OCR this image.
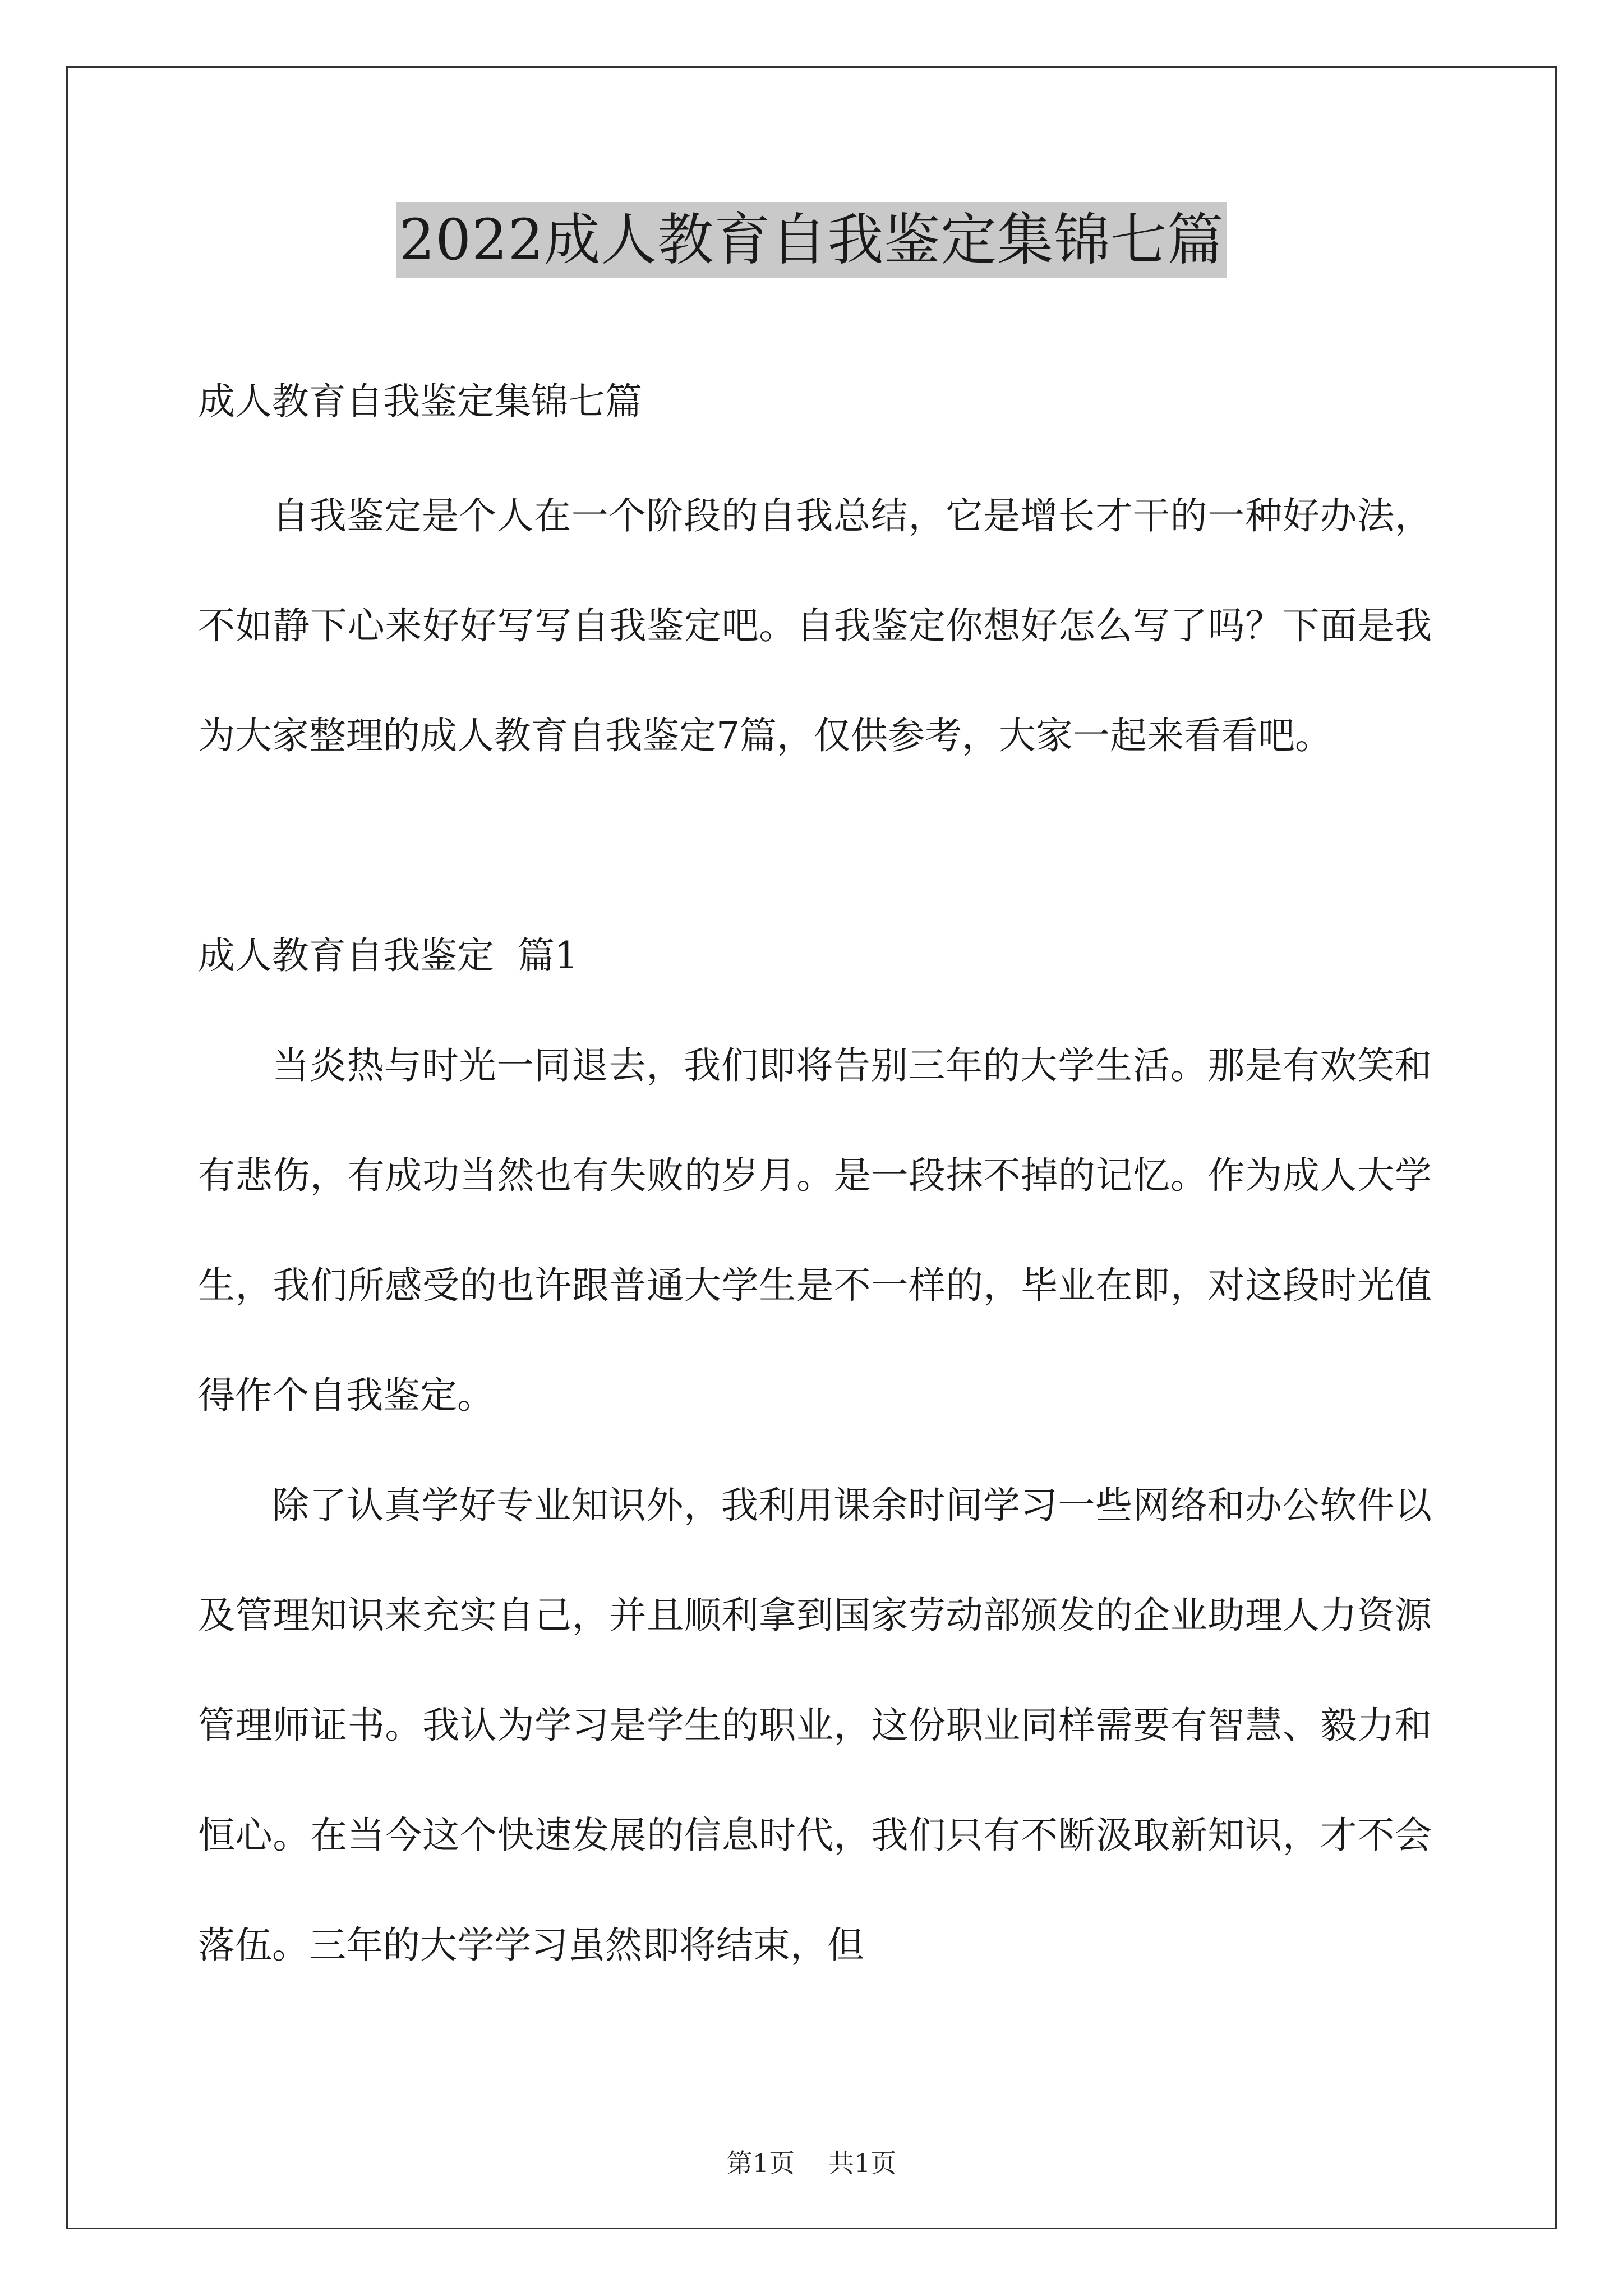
2022成人教育自我鉴定集锦七篇

成人教育自我鉴定集锦七篇

自我鉴定是个人在一个阶段的自我总结，它是增长才干的一种好办法，不如静下心来好好写写自我鉴定吧。自我鉴定你想好怎么写了吗？下面是我为大家整理的成人教育自我鉴定7篇，仅供参考，大家一起来看看吧。

成人教育自我鉴定  篇1

当炎热与时光一同退去，我们即将告别三年的大学生活。那是有欢笑和有悲伤，有成功当然也有失败的岁月。是一段抹不掉的记忆。作为成人大学生，我们所感受的也许跟普通大学生是不一样的，毕业在即，对这段时光值得作个自我鉴定。

除了认真学好专业知识外，我利用课余时间学习一些网络和办公软件以及管理知识来充实自己，并且顺利拿到国家劳动部颁发的企业助理人力资源管理师证书。我认为学习是学生的职业，这份职业同样需要有智慧、毅力和恒心。在当今这个快速发展的信息时代，我们只有不断汲取新知识，才不会落伍。三年的大学学习虽然即将结束，但

第1页 共1页
